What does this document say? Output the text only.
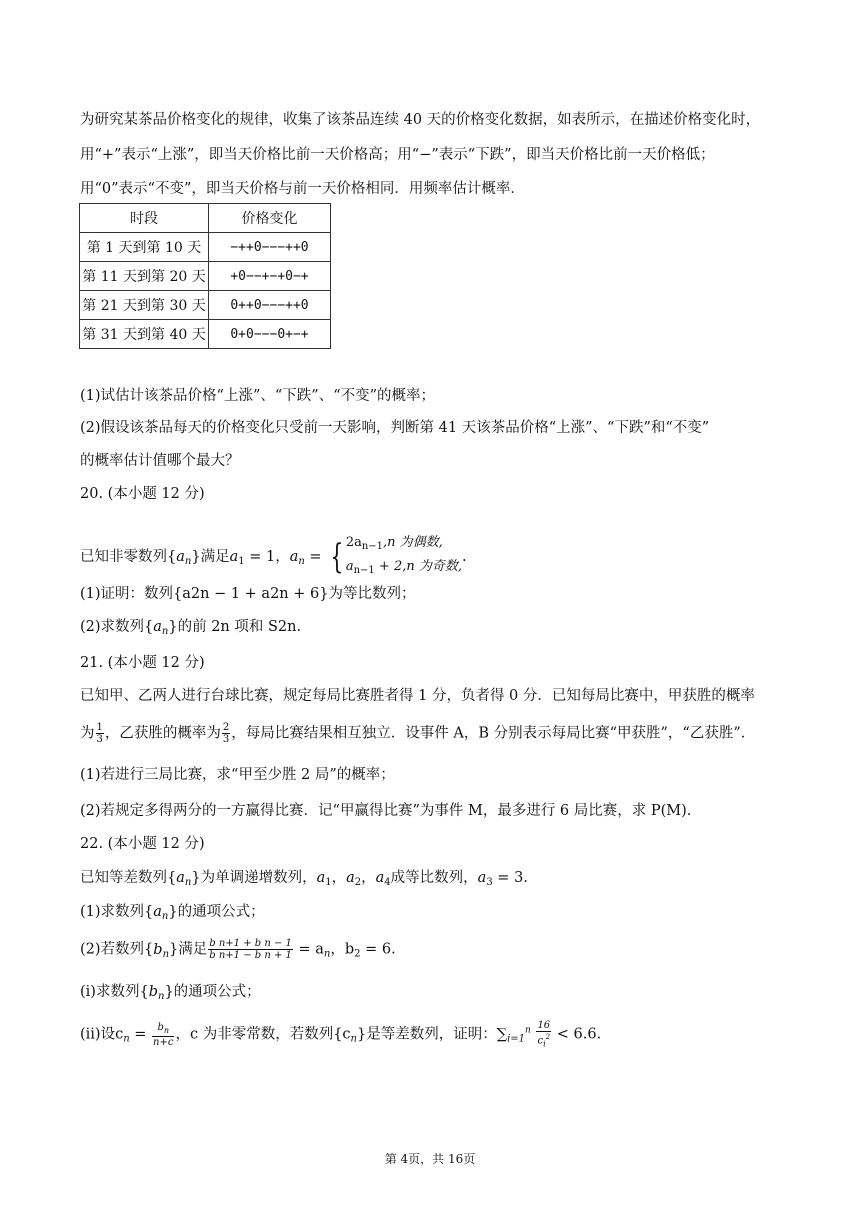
为研究某茶品价格变化的规律，收集了该茶品连续 40 天的价格变化数据，如表所示，在描述价格变化时，
用“+”表示“上涨”，即当天价格比前一天价格高；用“−”表示“下跌”，即当天价格比前一天价格低；
用“0”表示“不变”，即当天价格与前一天价格相同．用频率估计概率．
时段	价格变化
第 1 天到第 10 天	−++0−−−++0
第 11 天到第 20 天	+0−−+−+0−+
第 21 天到第 30 天	0++0−−−++0
第 31 天到第 40 天	0+0−−−0+−+
(1)试估计该茶品价格“上涨”、“下跌”、“不变”的概率；
(2)假设该茶品每天的价格变化只受前一天影响，判断第 41 天该茶品价格“上涨”、“下跌”和“不变”
的概率估计值哪个最大？
20. (本小题 12 分)
已知非零数列$\{a_n\}$满足$a_1 = 1$，$a_n$ = { $2a_{n-1},n$ 为偶数,
$a_{n-1} + 2,n$ 为奇数,.
(1)证明：数列{a2n − 1 + a2n + 6}为等比数列；
(2)求数列$\{a_n\}$的前 2n 项和 S2n.
21. (本小题 12 分)
已知甲、乙两人进行台球比赛，规定每局比赛胜者得 1 分，负者得 0 分．已知每局比赛中，甲获胜的概率
为 $\frac{1}{3}$ ，乙获胜的概率为 $\frac{2}{3}$ ，每局比赛结果相互独立．设事件 A，B 分别表示每局比赛“甲获胜”，“乙获胜”．
(1)若进行三局比赛，求“甲至少胜 2 局”的概率；
(2)若规定多得两分的一方赢得比赛．记“甲赢得比赛”为事件 M，最多进行 6 局比赛，求 P(M).
22. (本小题 12 分)
已知等差数列$\{a_n\}$为单调递增数列，$a_1$，$a_2$，$a_4$成等比数列，$a_3 = 3$.
(1)求数列$\{a_n\}$的通项公式；
(2)若数列$\{b_n\}$满足 $\frac{\text{b n+1 + b n − 1}}{\text{b n+1 − b n + 1}} = a_n$，$b_2 = 6$.
(ⅰ)求数列$\{b_n\}$的通项公式；
(ⅱ)设$c_n = \frac{b_n}{n+c}$ ，c 为非零常数，若数列$\{c_n\}$是等差数列，证明：$\sum_{i=1}^n \frac{16}{c_i^2} < 6.6$.
第 4页，共 16页
